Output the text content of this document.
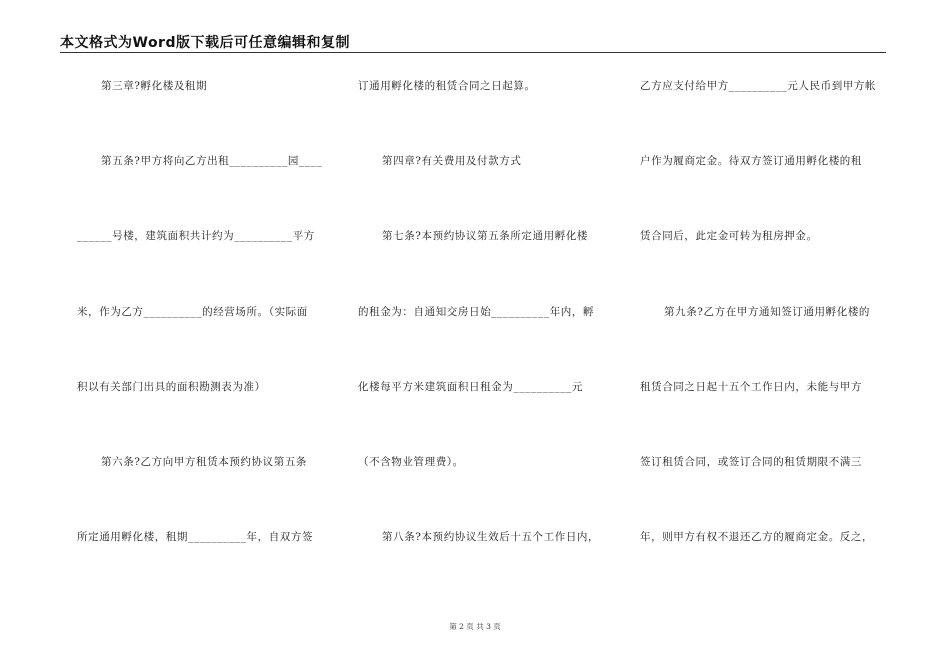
本文格式为Word版下载后可任意编辑和复制
第三章?孵化楼及租期
第五条?甲方将向乙方出租__________园____
______号楼，建筑面积共计约为__________平方
米，作为乙方__________的经营场所。（实际面
积以有关部门出具的面积勘测表为准）
第六条?乙方向甲方租赁本预约协议第五条
所定通用孵化楼，租期__________年，自双方签
订通用孵化楼的租赁合同之日起算。
第四章?有关费用及付款方式
第七条?本预约协议第五条所定通用孵化楼
的租金为：自通知交房日始__________年内，孵
化楼每平方米建筑面积日租金为__________元
（不含物业管理费）。
第八条?本预约协议生效后十五个工作日内，
乙方应支付给甲方__________元人民币到甲方帐
户作为履商定金。待双方签订通用孵化楼的租
赁合同后，此定金可转为租房押金。
第九条?乙方在甲方通知签订通用孵化楼的
租赁合同之日起十五个工作日内，未能与甲方
签订租赁合同，或签订合同的租赁期限不满三
年，则甲方有权不退还乙方的履商定金。反之，
第 2 页 共 3 页
